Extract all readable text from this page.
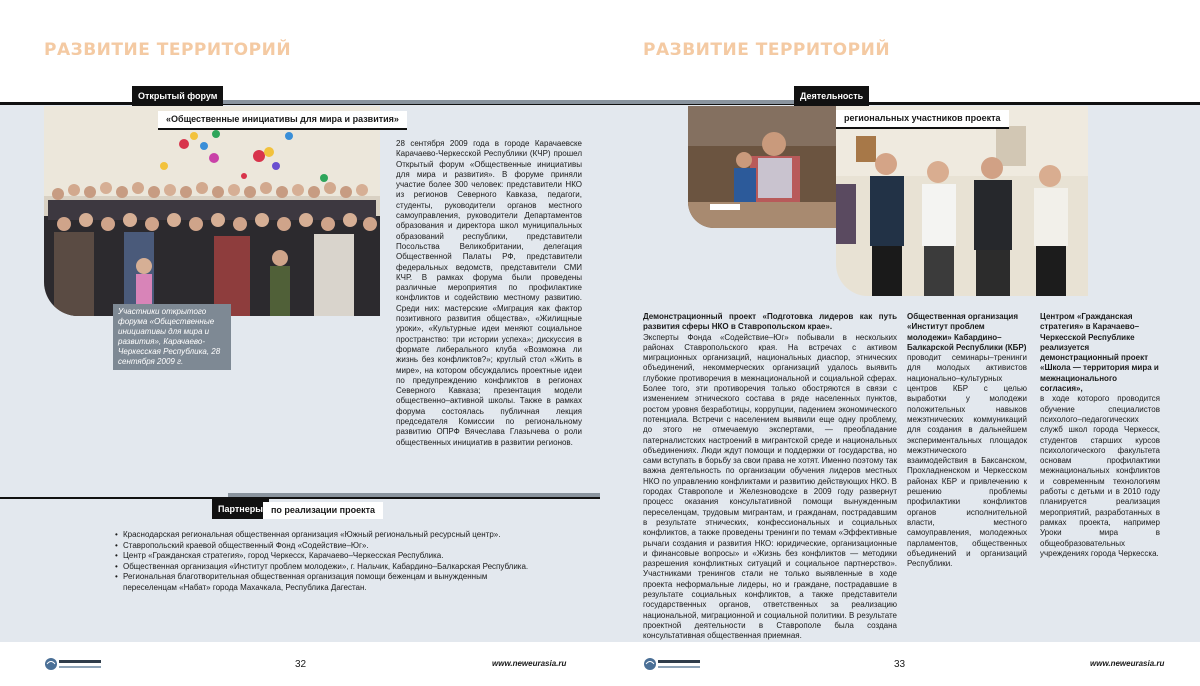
РАЗВИТИЕ ТЕРРИТОРИЙ
Открытый форум
«Общественные инициативы для мира и развития»
Участники открытого форума «Общественные инициативы для мира и развития», Карачаево-Черкесская Республика, 28 сентября 2009 г.
28 сентября 2009 года в городе Карачаевске Карачаево-Черкесской Республики (КЧР) прошел Открытый форум «Общественные инициативы для мира и развития». В форуме приняли участие более 300 человек: представители НКО из регионов Северного Кавказа, педагоги, студенты, руководители органов местного самоуправления, руководители Департаментов образования и директора школ муниципальных образований республики, представители Посольства Великобритании, делегация Общественной Палаты РФ, представители федеральных ведомств, представители СМИ КЧР. В рамках форума были проведены различные мероприятия по профилактике конфликтов и содействию местному развитию. Среди них: мастерские «Миграция как фактор позитивного развития общества», «Жилищные уроки», «Культурные идеи меняют социальное пространство: три истории успеха»; дискуссия в формате либерального клуба «Возможна ли жизнь без конфликтов?»; круглый стол «Жить в мире», на котором обсуждались проектные идеи по предупреждению конфликтов в регионах Северного Кавказа; презентация модели общественно–активной школы. Также в рамках форума состоялась публичная лекция председателя Комиссии по региональному развитию ОПРФ Вячеслава Глазычева о роли общественных инициатив в развитии регионов.
Партнеры по реализации проекта
• Краснодарская региональная общественная организация «Южный региональный ресурсный центр».
• Ставропольский краевой общественный Фонд «Содействие–Юг».
• Центр «Гражданская стратегия», город Черкесск, Карачаево–Черкесская Республика.
• Общественная организация «Институт проблем молодежи», г. Нальчик, Кабардино–Балкарская Республика.
• Региональная благотворительная общественная организация помощи беженцам и вынужденным переселенцам «Набат» города Махачкала, Республика Дагестан.
32	www.neweurasia.ru
РАЗВИТИЕ ТЕРРИТОРИЙ
Деятельность
региональных участников проекта
Демонстрационный проект «Подготовка лидеров как путь развития сферы НКО в Ставропольском крае».
Эксперты Фонда «Содействие–Юг» побывали в нескольких районах Ставропольского края. На встречах с активом миграционных организаций, национальных диаспор, этнических объединений, некоммерческих организаций удалось выявить глубокие противоречия в межнациональной и социальной сферах. Более того, эти противоречия только обостряются в связи с изменением этнического состава в ряде населенных пунктов, ростом уровня безработицы, коррупции, падением экономического потенциала. Встречи с населением выявили еще одну проблему, до этого не отмечаемую экспертами, — преобладание патерналистских настроений в мигрантской среде и национальных объединениях. Люди ждут помощи и поддержки от государства, но сами вступать в борьбу за свои права не хотят. Именно поэтому так важна деятельность по организации обучения лидеров местных НКО по управлению конфликтами и развитию действующих НКО. В городах Ставрополе и Железноводске в 2009 году развернут процесс оказания консультативной помощи вынужденным переселенцам, трудовым мигрантам, и гражданам, пострадавшим в результате этнических, конфессиональных и социальных конфликтов, а также проведены тренинги по темам «Эффективные рычаги создания и развития НКО: юридические, организационные и финансовые вопросы» и «Жизнь без конфликтов — методики разрешения конфликтных ситуаций и социальное партнерство». Участниками тренингов стали не только выявленные в ходе проекта неформальные лидеры, но и граждане, пострадавшие в результате социальных конфликтов, а также представители государственных органов, ответственных за реализацию национальной, миграционной и социальной политики. В результате проектной деятельности в Ставрополе была создана консультативная общественная приемная.
Общественная организация «Институт проблем молодежи» Кабардино–Балкарской Республики (КБР)
проводит семинары–тренинги для молодых активистов национально–культурных центров КБР с целью выработки у молодежи положительных навыков межэтнических коммуникаций для создания в дальнейшем экспериментальных площадок межэтнического взаимодействия в Баксанском, Прохладненском и Черкесском районах КБР и привлечению к решению проблемы профилактики конфликтов органов исполнительной власти, местного самоуправления, молодежных парламентов, общественных объединений и организаций Республики.
Центром «Гражданская стратегия» в Карачаево–Черкесской Республике реализуется демонстрационный проект «Школа — территория мира и межнационального согласия»,
в ходе которого проводится обучение специалистов психолого–педагогических служб школ города Черкесск, студентов старших курсов психологического факультета основам профилактики межнациональных конфликтов и современным технологиям работы с детьми и в 2010 году планируется реализация мероприятий, разработанных в рамках проекта, например Уроки мира в общеобразовательных учреждениях города Черкесска.
33	www.neweurasia.ru
